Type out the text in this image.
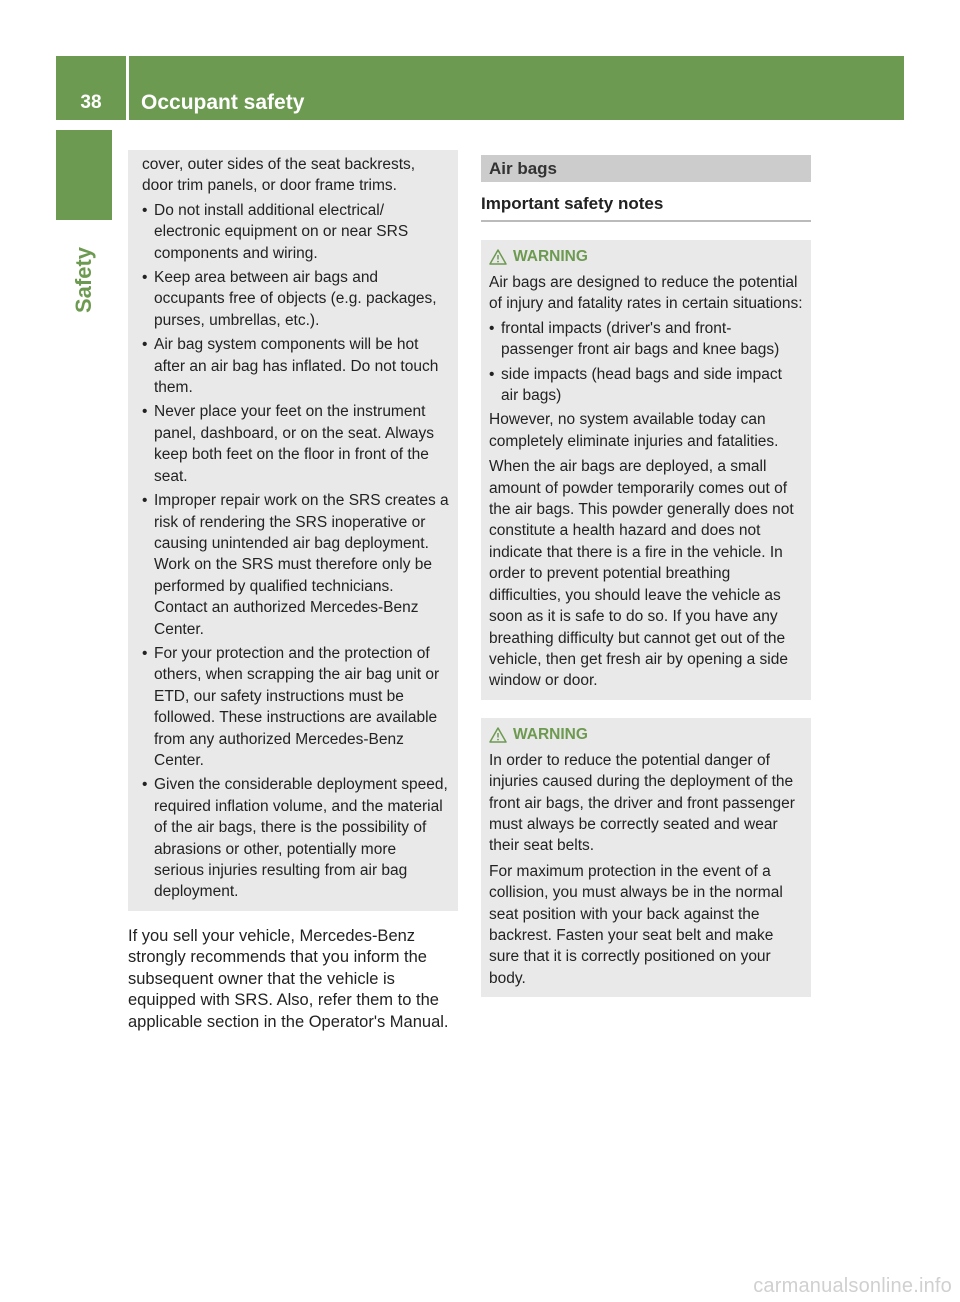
38	Occupant safety
Safety

cover, outer sides of the seat backrests, door trim panels, or door frame trims.

• Do not install additional electrical/ electronic equipment on or near SRS components and wiring.
• Keep area between air bags and occupants free of objects (e.g. packages, purses, umbrellas, etc.).
• Air bag system components will be hot after an air bag has inflated. Do not touch them.
• Never place your feet on the instrument panel, dashboard, or on the seat. Always keep both feet on the floor in front of the seat.
• Improper repair work on the SRS creates a risk of rendering the SRS inoperative or causing unintended air bag deployment. Work on the SRS must therefore only be performed by qualified technicians. Contact an authorized Mercedes-Benz Center.
• For your protection and the protection of others, when scrapping the air bag unit or ETD, our safety instructions must be followed. These instructions are available from any authorized Mercedes-Benz Center.
• Given the considerable deployment speed, required inflation volume, and the material of the air bags, there is the possibility of abrasions or other, potentially more serious injuries resulting from air bag deployment.

If you sell your vehicle, Mercedes-Benz strongly recommends that you inform the subsequent owner that the vehicle is equipped with SRS. Also, refer them to the applicable section in the Operator's Manual.

Air bags
Important safety notes
WARNING

Air bags are designed to reduce the potential of injury and fatality rates in certain situations:

• frontal impacts (driver's and front-passenger front air bags and knee bags)
• side impacts (head bags and side impact air bags)

However, no system available today can completely eliminate injuries and fatalities.

When the air bags are deployed, a small amount of powder temporarily comes out of the air bags. This powder generally does not constitute a health hazard and does not indicate that there is a fire in the vehicle. In order to prevent potential breathing difficulties, you should leave the vehicle as soon as it is safe to do so. If you have any breathing difficulty but cannot get out of the vehicle, then get fresh air by opening a side window or door.

WARNING

In order to reduce the potential danger of injuries caused during the deployment of the front air bags, the driver and front passenger must always be correctly seated and wear their seat belts.

For maximum protection in the event of a collision, you must always be in the normal seat position with your back against the backrest. Fasten your seat belt and make sure that it is correctly positioned on your body.

carmanualsonline.info
